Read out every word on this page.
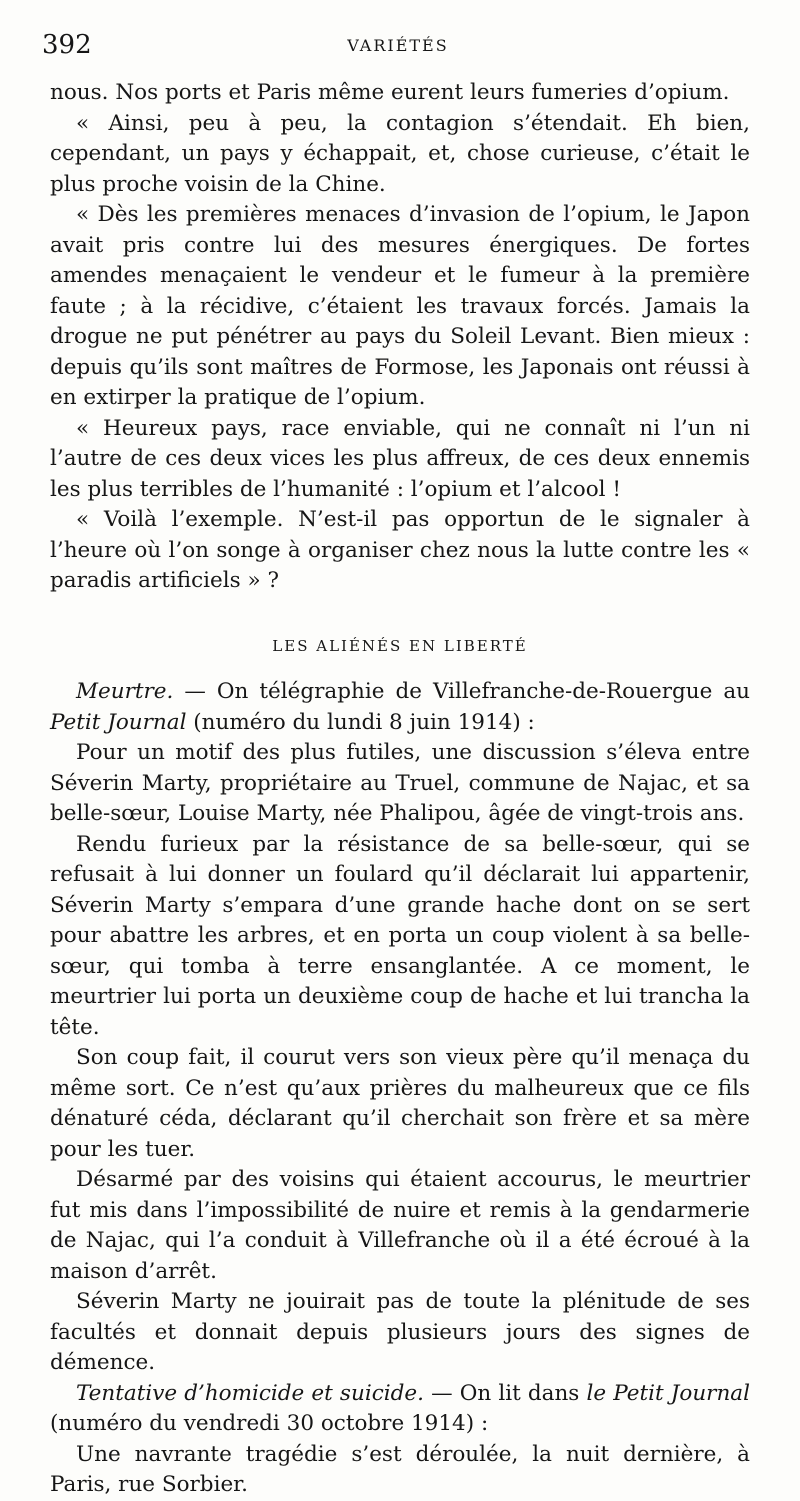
392	VARIÉTÉS

nous. Nos ports et Paris même eurent leurs fumeries d’opium.

« Ainsi, peu à peu, la contagion s’étendait. Eh bien, cependant, un pays y échappait, et, chose curieuse, c’était le plus proche voisin de la Chine.

« Dès les premières menaces d’invasion de l’opium, le Japon avait pris contre lui des mesures énergiques. De fortes amendes menaçaient le vendeur et le fumeur à la première faute ; à la récidive, c’étaient les travaux forcés. Jamais la drogue ne put pénétrer au pays du Soleil Levant. Bien mieux : depuis qu’ils sont maîtres de Formose, les Japonais ont réussi à en extirper la pratique de l’opium.

« Heureux pays, race enviable, qui ne connaît ni l’un ni l’autre de ces deux vices les plus affreux, de ces deux ennemis les plus terribles de l’humanité : l’opium et l’alcool !

« Voilà l’exemple. N’est-il pas opportun de le signaler à l’heure où l’on songe à organiser chez nous la lutte contre les « paradis artificiels » ?

LES ALIÉNÉS EN LIBERTÉ

Meurtre. — On télégraphie de Villefranche-de-Rouergue au Petit Journal (numéro du lundi 8 juin 1914) :

Pour un motif des plus futiles, une discussion s’éleva entre Séverin Marty, propriétaire au Truel, commune de Najac, et sa belle-sœur, Louise Marty, née Phalipou, âgée de vingt-trois ans.

Rendu furieux par la résistance de sa belle-sœur, qui se refusait à lui donner un foulard qu’il déclarait lui appartenir, Séverin Marty s’empara d’une grande hache dont on se sert pour abattre les arbres, et en porta un coup violent à sa belle-sœur, qui tomba à terre ensanglantée. A ce moment, le meurtrier lui porta un deuxième coup de hache et lui trancha la tête.

Son coup fait, il courut vers son vieux père qu’il menaça du même sort. Ce n’est qu’aux prières du malheureux que ce fils dénaturé céda, déclarant qu’il cherchait son frère et sa mère pour les tuer.

Désarmé par des voisins qui étaient accourus, le meurtrier fut mis dans l’impossibilité de nuire et remis à la gendarmerie de Najac, qui l’a conduit à Villefranche où il a été écroué à la maison d’arrêt.

Séverin Marty ne jouirait pas de toute la plénitude de ses facultés et donnait depuis plusieurs jours des signes de démence.

Tentative d’homicide et suicide. — On lit dans le Petit Journal (numéro du vendredi 30 octobre 1914) :

Une navrante tragédie s’est déroulée, la nuit dernière, à Paris, rue Sorbier.
